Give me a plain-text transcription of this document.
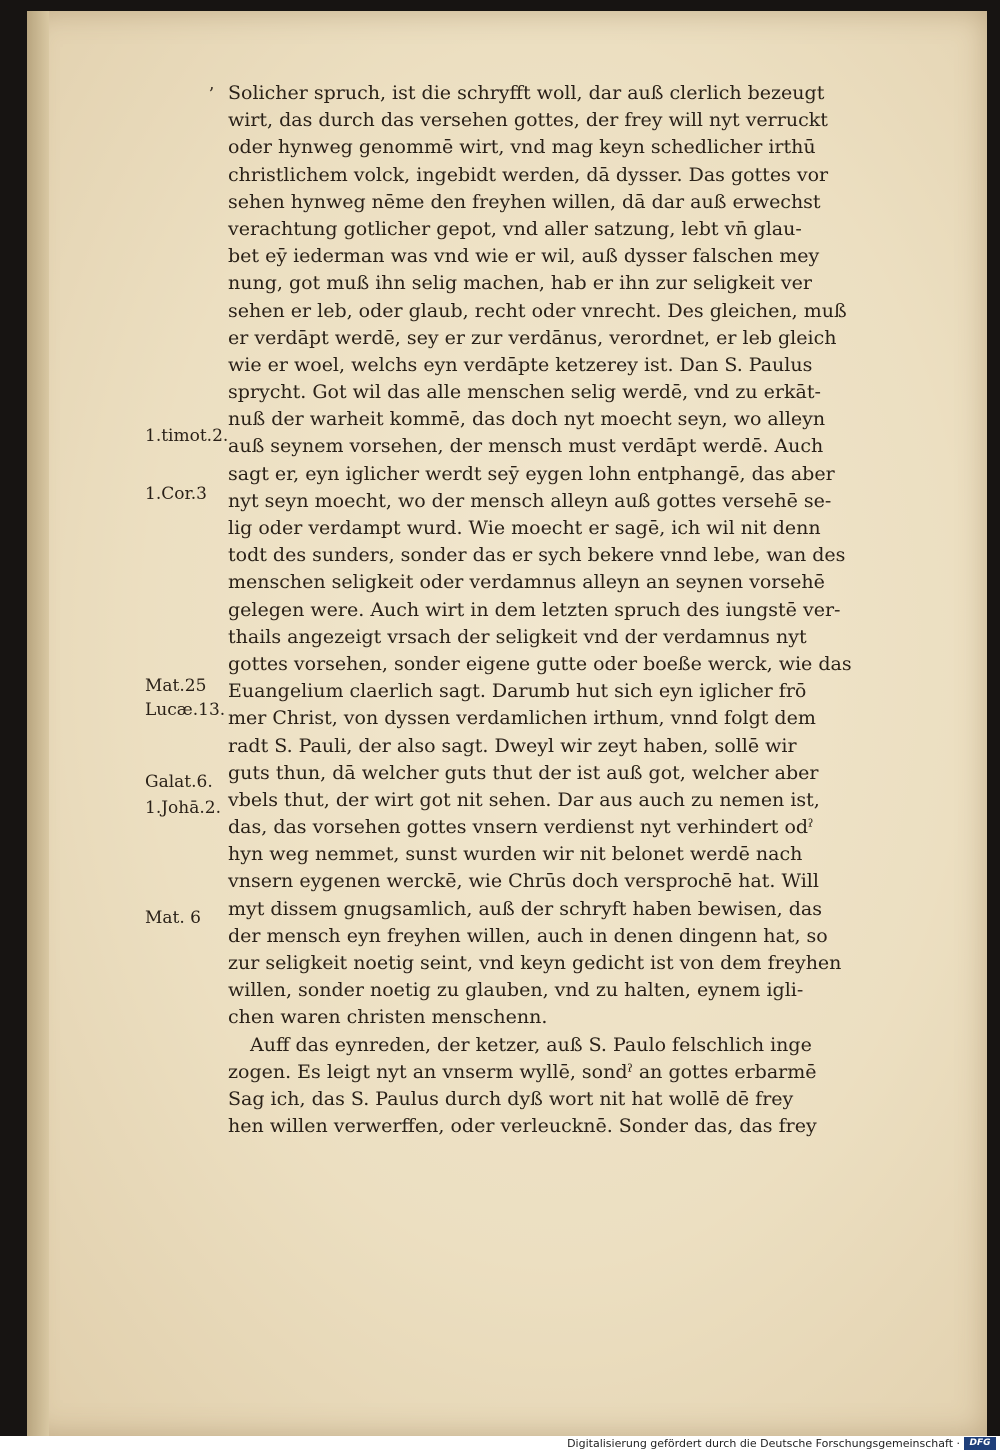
ʼ Solicher spruch, ist die schryfft woll, dar auß clerlich bezeugt
wirt, das durch das versehen gottes, der frey will nyt verruckt
oder hynweg genommē wirt, vnd mag keyn schedlicher irthū
christlichem volck, ingebidt werden, dā dysser. Das gottes vor
sehen hynweg nēme den freyhen willen, dā dar auß erwechst
verachtung gotlicher gepot, vnd aller satzung, lebt vn̄ glau-
bet eȳ iederman was vnd wie er wil, auß dysser falschen mey
nung, got muß ihn selig machen, hab er ihn zur seligkeit ver
sehen er leb, oder glaub, recht oder vnrecht. Des gleichen, muß
er verdāpt werdē, sey er zur verdānus, verordnet, er leb gleich
wie er woel, welchs eyn verdāpte ketzerey ist. Dan S. Paulus
sprycht. Got wil das alle menschen selig werdē, vnd zu erkāt-
nuß der warheit kommē, das doch nyt moecht seyn, wo alleyn
auß seynem vorsehen, der mensch must verdāpt werdē. Auch
sagt er, eyn iglicher werdt seȳ eygen lohn entphangē, das aber
nyt seyn moecht, wo der mensch alleyn auß gottes versehē se-
lig oder verdampt wurd. Wie moecht er sagē, ich wil nit denn
todt des sunders, sonder das er sych bekere vnnd lebe, wan des
menschen seligkeit oder verdamnus alleyn an seynen vorsehē
gelegen were. Auch wirt in dem letzten spruch des iungstē ver-
thails angezeigt vrsach der seligkeit vnd der verdamnus nyt
gottes vorsehen, sonder eigene gutte oder boeße werck, wie das
Euangelium claerlich sagt. Darumb hut sich eyn iglicher frō
mer Christ, von dyssen verdamlichen irthum, vnnd folgt dem
radt S. Pauli, der also sagt. Dweyl wir zeyt haben, sollē wir
guts thun, dā welcher guts thut der ist auß got, welcher aber
vbels thut, der wirt got nit sehen. Dar aus auch zu nemen ist,
das, das vorsehen gottes vnsern verdienst nyt verhindert odˀ
hyn weg nemmet, sunst wurden wir nit belonet werdē nach
vnsern eygenen werckē, wie Chrūs doch versprochē hat. Will
myt dissem gnugsamlich, auß der schryft haben bewisen, das
der mensch eyn freyhen willen, auch in denen dingenn hat, so
zur seligkeit noetig seint, vnd keyn gedicht ist von dem freyhen
willen, sonder noetig zu glauben, vnd zu halten, eynem igli-
chen waren christen menschenn.
Auff das eynreden, der ketzer, auß S. Paulo felschlich inge
zogen. Es leigt nyt an vnserm wyllē, sondˀ an gottes erbarmē
Sag ich, das S. Paulus durch dyß wort nit hat wollē dē frey
hen willen verwerffen, oder verleucknē. Sonder das, das frey
1.timot.2.
1.Cor.3
Mat.25
Lucæ.13.
Galat.6.
1.Johā.2.
Mat. 6
Digitalisierung gefördert durch die Deutsche Forschungsgemeinschaft ·	DFG
